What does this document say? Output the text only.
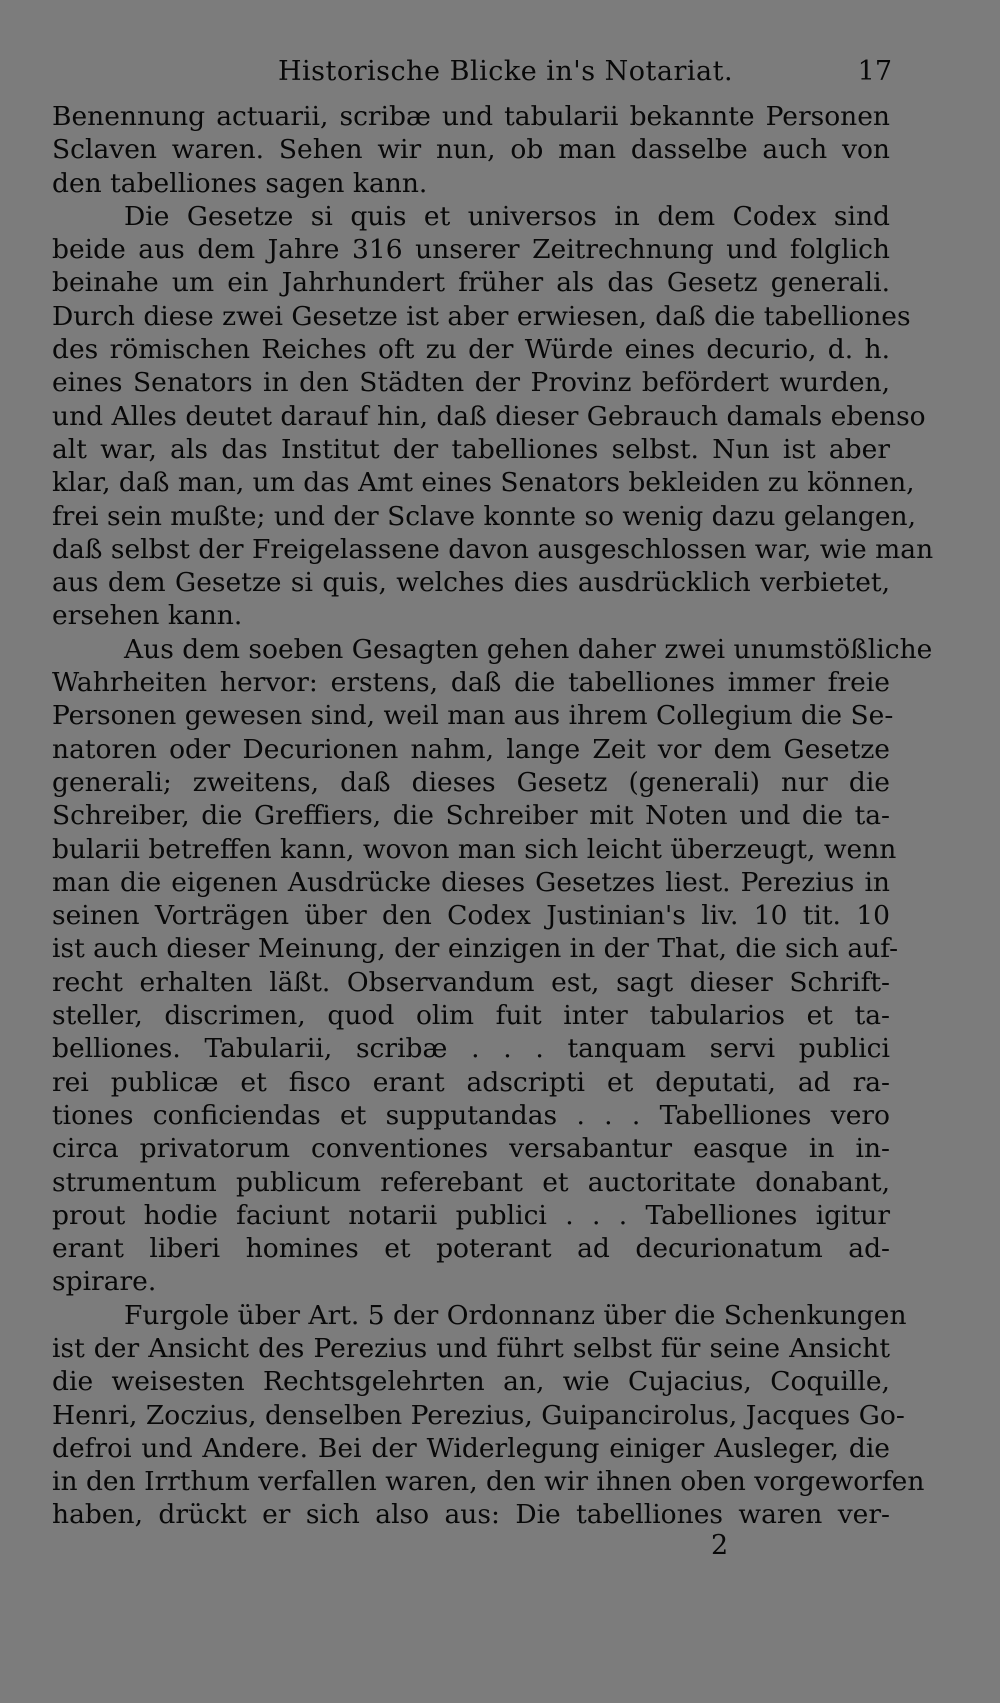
Historische Blicke in's Notariat.	17
Benennung actuarii, scribæ und tabularii bekannte Personen
Sclaven waren. Sehen wir nun, ob man dasselbe auch von
den tabelliones sagen kann.
Die Gesetze si quis et universos in dem Codex sind
beide aus dem Jahre 316 unserer Zeitrechnung und folglich
beinahe um ein Jahrhundert früher als das Gesetz generali.
Durch diese zwei Gesetze ist aber erwiesen, daß die tabelliones
des römischen Reiches oft zu der Würde eines decurio, d. h.
eines Senators in den Städten der Provinz befördert wurden,
und Alles deutet darauf hin, daß dieser Gebrauch damals ebenso
alt war, als das Institut der tabelliones selbst. Nun ist aber
klar, daß man, um das Amt eines Senators bekleiden zu können,
frei sein mußte; und der Sclave konnte so wenig dazu gelangen,
daß selbst der Freigelassene davon ausgeschlossen war, wie man
aus dem Gesetze si quis, welches dies ausdrücklich verbietet,
ersehen kann.
Aus dem soeben Gesagten gehen daher zwei unumstößliche
Wahrheiten hervor: erstens, daß die tabelliones immer freie
Personen gewesen sind, weil man aus ihrem Collegium die Se-
natoren oder Decurionen nahm, lange Zeit vor dem Gesetze
generali; zweitens, daß dieses Gesetz (generali) nur die
Schreiber, die Greffiers, die Schreiber mit Noten und die ta-
bularii betreffen kann, wovon man sich leicht überzeugt, wenn
man die eigenen Ausdrücke dieses Gesetzes liest. Perezius in
seinen Vorträgen über den Codex Justinian's liv. 10 tit. 10
ist auch dieser Meinung, der einzigen in der That, die sich auf-
recht erhalten läßt. Observandum est, sagt dieser Schrift-
steller, discrimen, quod olim fuit inter tabularios et ta-
belliones. Tabularii, scribæ . . . tanquam servi publici
rei publicæ et fisco erant adscripti et deputati, ad ra-
tiones conficiendas et supputandas . . . Tabelliones vero
circa privatorum conventiones versabantur easque in in-
strumentum publicum referebant et auctoritate donabant,
prout hodie faciunt notarii publici . . . Tabelliones igitur
erant liberi homines et poterant ad decurionatum ad-
spirare.
Furgole über Art. 5 der Ordonnanz über die Schenkungen
ist der Ansicht des Perezius und führt selbst für seine Ansicht
die weisesten Rechtsgelehrten an, wie Cujacius, Coquille,
Henri, Zoczius, denselben Perezius, Guipancirolus, Jacques Go-
defroi und Andere. Bei der Widerlegung einiger Ausleger, die
in den Irrthum verfallen waren, den wir ihnen oben vorgeworfen
haben, drückt er sich also aus: Die tabelliones waren ver-
2
